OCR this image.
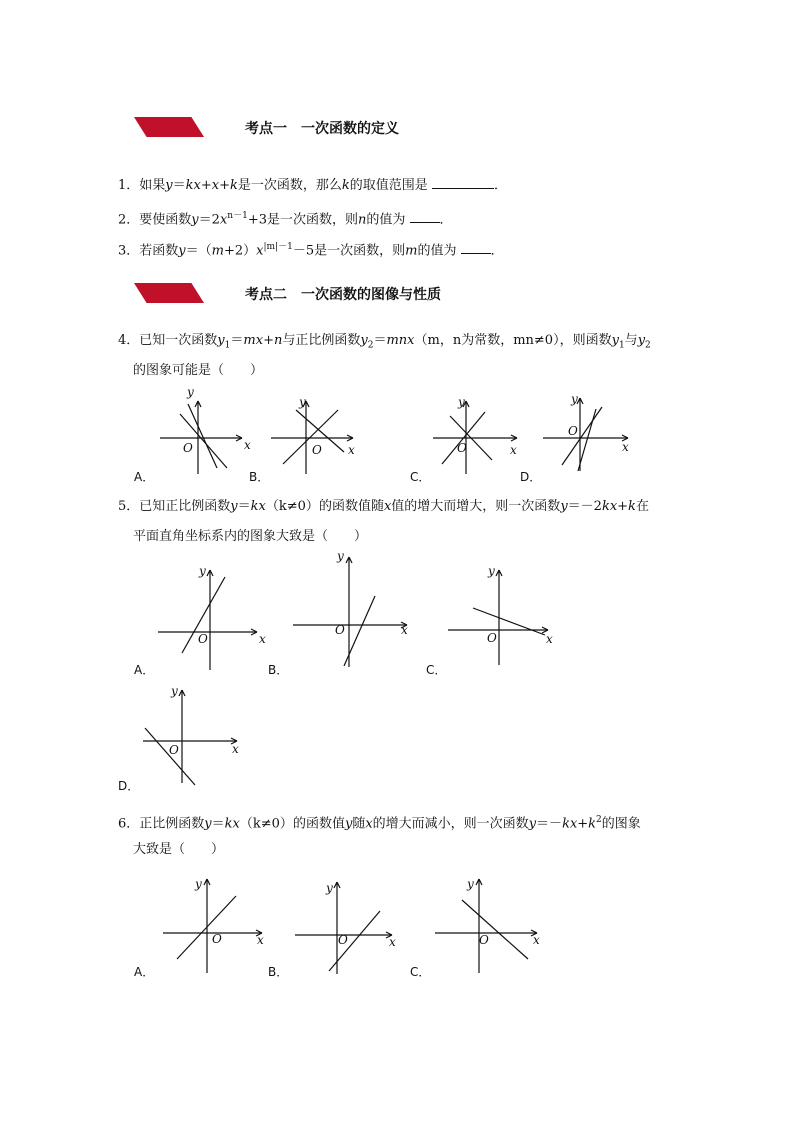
考点一　一次函数的定义
1．如果y＝kx+x+k是一次函数，那么k的取值范围是	．
2．要使函数$y=2x^{n-1}+3$是一次函数，则n的值为	．
3．若函数$y=(m+2)x^{|m|-1}-5$是一次函数，则m的值为	．
考点二　一次函数的图像与性质
4．已知一次函数$y_1=mx+n$与正比例函数$y_2=mnx(m$，n为常数，mn≠0），则函数$y_1$与$y_2$
的图象可能是（　　）
y
x
O
A．
y
x
O
B．
y
x
O
C．
y
x
O
D．
5．已知正比例函数y＝kx（k≠0）的函数值随x值的增大而增大，则一次函数y＝－2kx+k在
平面直角坐标系内的图象大致是（　　）
y
x
O
A．
y
x
O
B．
y
x
O
C．
y
x
O
D．
6．正比例函数y＝kx（k≠0）的函数值y随x的增大而减小，则一次函数$y=-kx+k^2$的图象
大致是（　　）
y
x
O
A．
y
x
O
B．
y
x
O
C．
